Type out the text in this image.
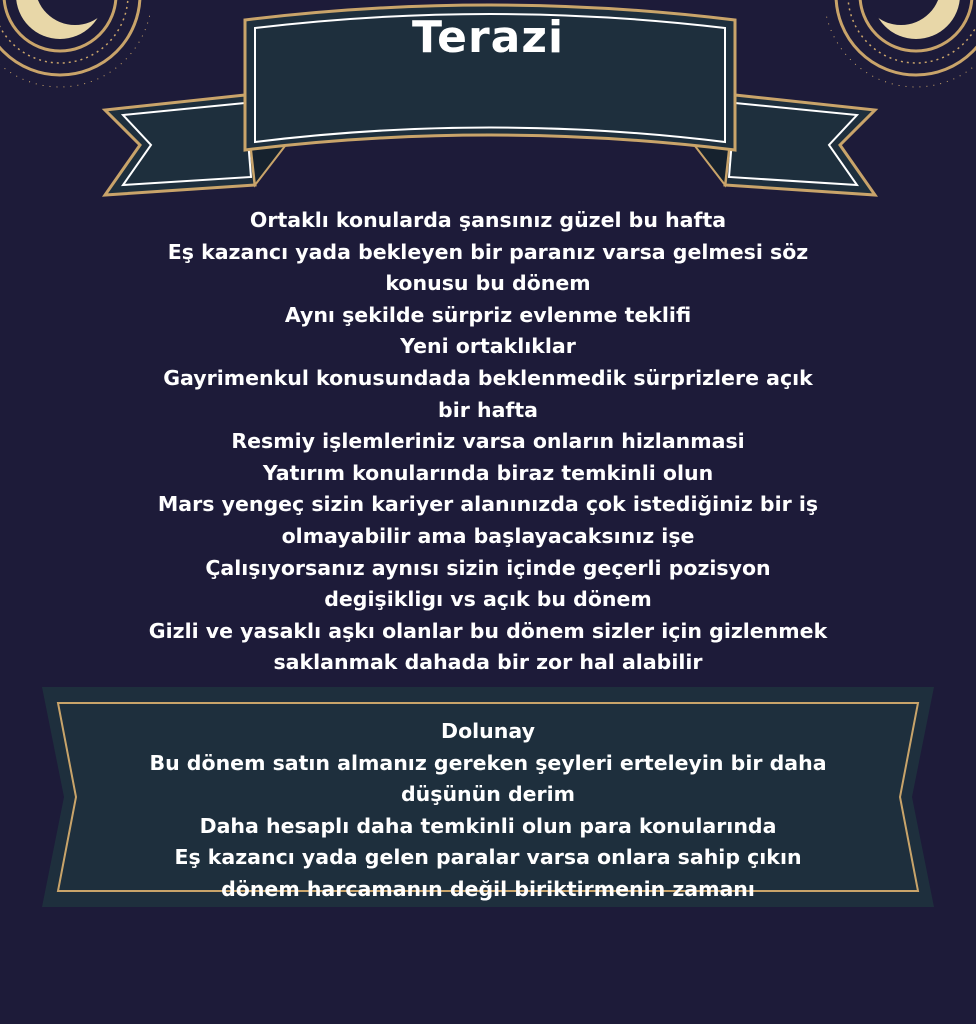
Terazi
Ortaklı konularda şansınız güzel bu hafta
Eş kazancı yada bekleyen bir paranız varsa gelmesi söz
konusu bu dönem
Aynı şekilde sürpriz evlenme teklifi
Yeni ortaklıklar
Gayrimenkul konusundada beklenmedik sürprizlere açık
bir hafta
Resmiy işlemleriniz varsa onların hizlanmasi
Yatırım konularında biraz temkinli olun
Mars yengeç sizin kariyer alanınızda çok istediğiniz bir iş
olmayabilir ama başlayacaksınız işe
Çalışıyorsanız aynısı sizin içinde geçerli pozisyon
degişikligı vs açık bu dönem
Gizli ve yasaklı aşkı olanlar bu dönem sizler için gizlenmek
saklanmak dahada bir zor hal alabilir
Dolunay
Bu dönem satın almanız gereken şeyleri erteleyin bir daha
düşünün derim
Daha hesaplı daha temkinli olun para konularında
Eş kazancı yada gelen paralar varsa onlara sahip çıkın
dönem harcamanın değil biriktirmenin zamanı
